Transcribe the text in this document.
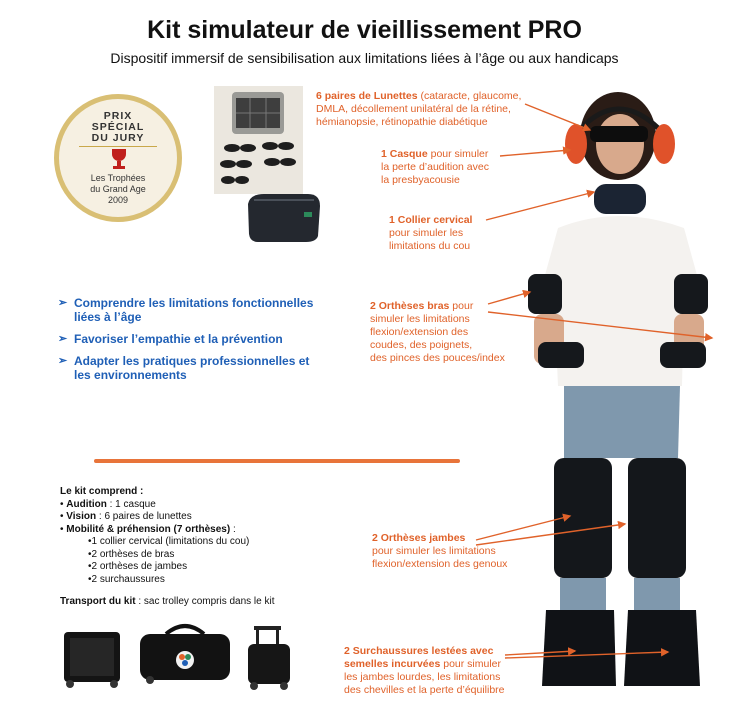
Kit simulateur de vieillissement PRO
Dispositif immersif de sensibilisation aux limitations liées à l’âge ou aux handicaps
PRIX
SPÉCIAL
DU JURY
Les Trophées
du Grand Age
2009
➢ Comprendre les limitations fonctionnelles liées à l’âge
➢ Favoriser l’empathie et la prévention
➢ Adapter les pratiques professionnelles et les environnements
Le kit comprend :
• Audition : 1 casque
• Vision : 6 paires de lunettes
• Mobilité & préhension (7 orthèses) :
•1 collier cervical (limitations du cou)
•2 orthèses de bras
•2 orthèses de jambes
•2 surchaussures
Transport du kit : sac trolley compris dans le kit
6 paires de Lunettes (cataracte, glaucome,
DMLA, décollement unilatéral de la rétine,
hémianopsie, rétinopathie diabétique
1 Casque pour simuler
la perte d’audition avec
la presbyacousie
1 Collier cervical
pour simuler les
limitations du cou
2 Orthèses bras pour
simuler les limitations
flexion/extension des
coudes, des poignets,
des pinces des pouces/index
2 Orthèses jambes
pour simuler les limitations
flexion/extension des genoux
2 Surchaussures lestées avec
semelles incurvées pour simuler
les jambes lourdes, les limitations
des chevilles et la perte d’équilibre
